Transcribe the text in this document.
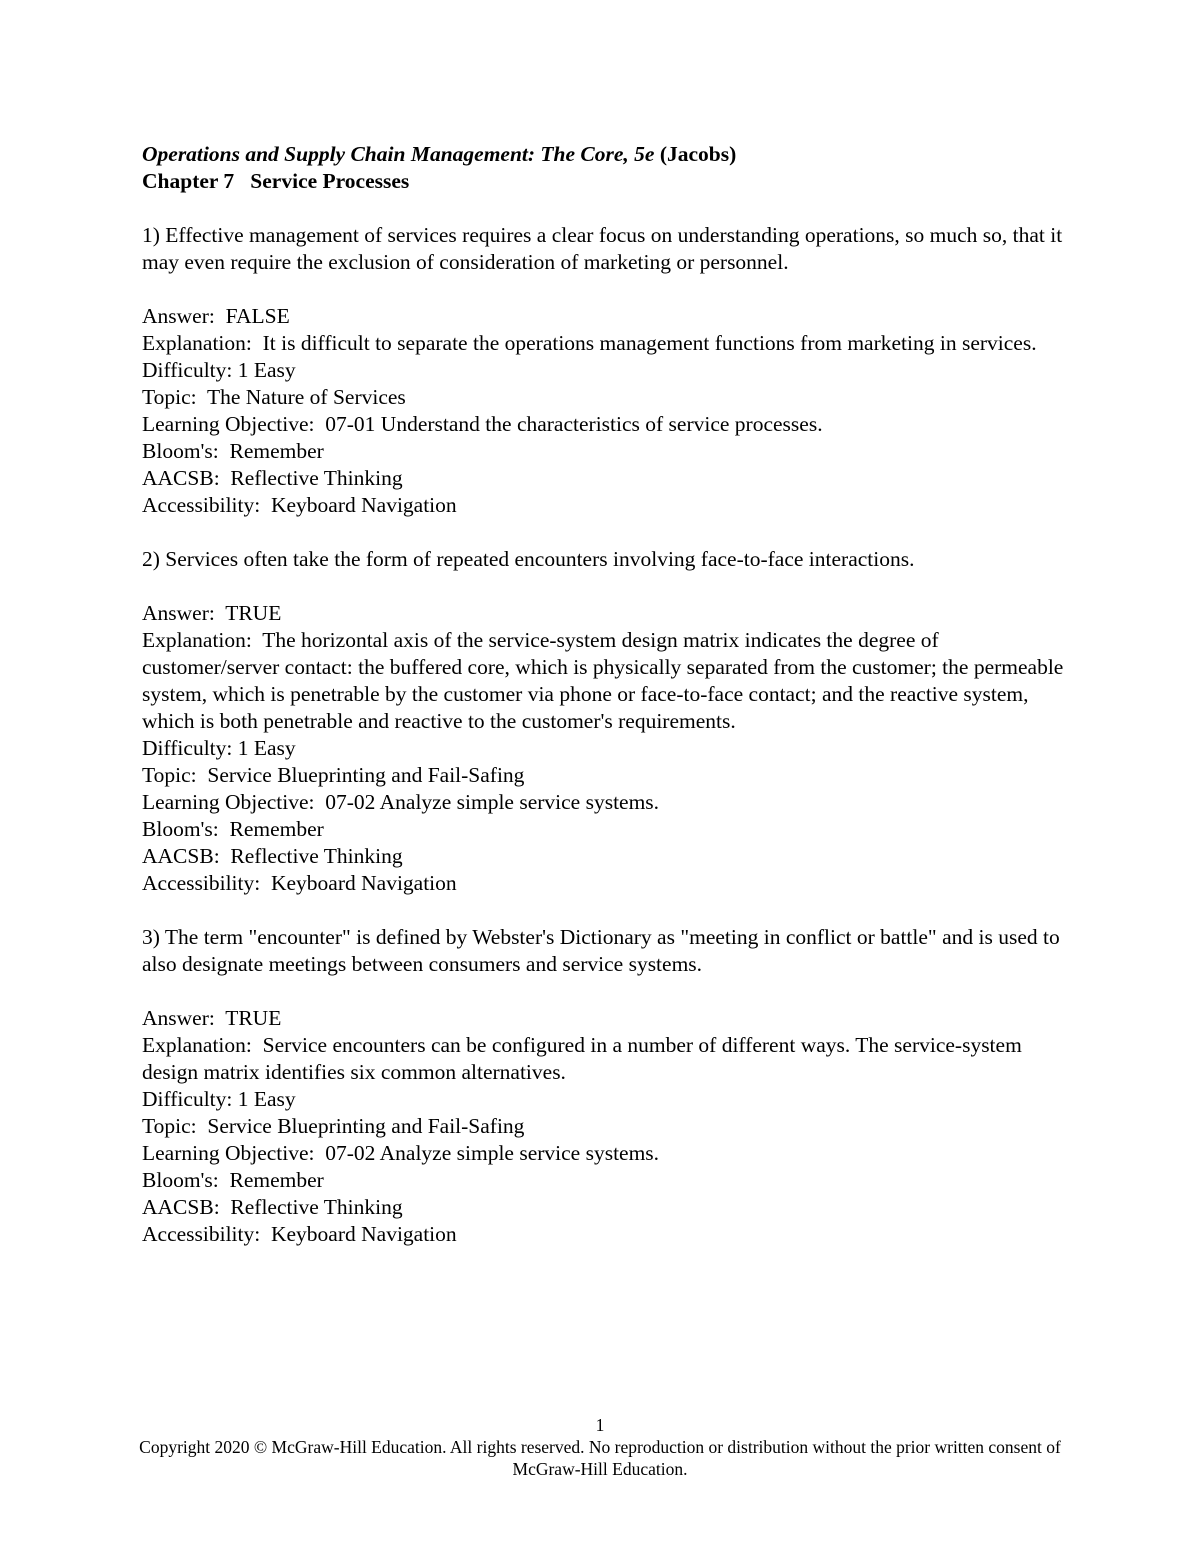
Operations and Supply Chain Management: The Core, 5e (Jacobs)
Chapter 7   Service Processes

1) Effective management of services requires a clear focus on understanding operations, so much so, that it may even require the exclusion of consideration of marketing or personnel.

Answer:  FALSE

Explanation:  It is difficult to separate the operations management functions from marketing in services.

Difficulty: 1 Easy

Topic:  The Nature of Services

Learning Objective:  07-01 Understand the characteristics of service processes.

Bloom's:  Remember

AACSB:  Reflective Thinking

Accessibility:  Keyboard Navigation

2) Services often take the form of repeated encounters involving face-to-face interactions.

Answer:  TRUE

Explanation:  The horizontal axis of the service-system design matrix indicates the degree of customer/server contact: the buffered core, which is physically separated from the customer; the permeable system, which is penetrable by the customer via phone or face-to-face contact; and the reactive system, which is both penetrable and reactive to the customer's requirements.

Difficulty: 1 Easy

Topic:  Service Blueprinting and Fail-Safing

Learning Objective:  07-02 Analyze simple service systems.

Bloom's:  Remember

AACSB:  Reflective Thinking

Accessibility:  Keyboard Navigation

3) The term "encounter" is defined by Webster's Dictionary as "meeting in conflict or battle" and is used to also designate meetings between consumers and service systems.

Answer:  TRUE

Explanation:  Service encounters can be configured in a number of different ways. The service-system design matrix identifies six common alternatives.

Difficulty: 1 Easy

Topic:  Service Blueprinting and Fail-Safing

Learning Objective:  07-02 Analyze simple service systems.

Bloom's:  Remember

AACSB:  Reflective Thinking

Accessibility:  Keyboard Navigation

1
Copyright 2020 © McGraw-Hill Education. All rights reserved. No reproduction or distribution without the prior written consent of McGraw-Hill Education.
